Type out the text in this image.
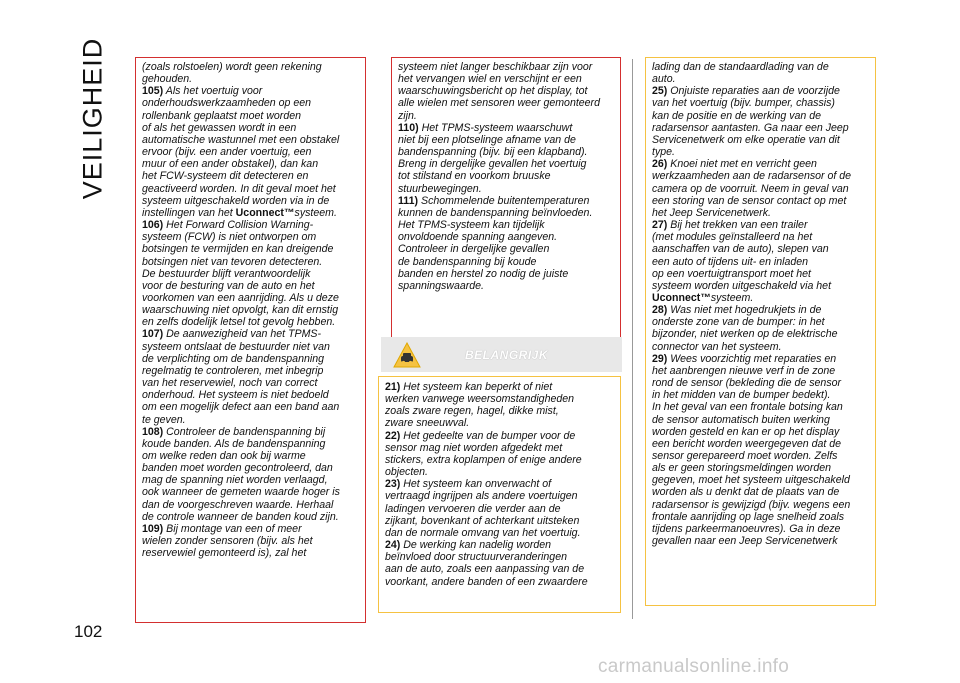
VEILIGHEID
102

(zoals rolstoelen) wordt geen rekening
gehouden.

105) Als het voertuig voor
onderhoudswerkzaamheden op een
rollenbank geplaatst moet worden
of als het gewassen wordt in een
automatische wastunnel met een obstakel
ervoor (bijv. een ander voertuig, een
muur of een ander obstakel), dan kan
het FCW-systeem dit detecteren en
geactiveerd worden. In dit geval moet het
systeem uitgeschakeld worden via in de
instellingen van het Uconnect™systeem.

106) Het Forward Collision Warning-
systeem (FCW) is niet ontworpen om
botsingen te vermijden en kan dreigende
botsingen niet van tevoren detecteren.
De bestuurder blijft verantwoordelijk
voor de besturing van de auto en het
voorkomen van een aanrijding. Als u deze
waarschuwing niet opvolgt, kan dit ernstig
en zelfs dodelijk letsel tot gevolg hebben.

107) De aanwezigheid van het TPMS-
systeem ontslaat de bestuurder niet van
de verplichting om de bandenspanning
regelmatig te controleren, met inbegrip
van het reservewiel, noch van correct
onderhoud. Het systeem is niet bedoeld
om een mogelijk defect aan een band aan
te geven.

108) Controleer de bandenspanning bij
koude banden. Als de bandenspanning
om welke reden dan ook bij warme
banden moet worden gecontroleerd, dan
mag de spanning niet worden verlaagd,
ook wanneer de gemeten waarde hoger is
dan de voorgeschreven waarde. Herhaal
de controle wanneer de banden koud zijn.

109) Bij montage van een of meer
wielen zonder sensoren (bijv. als het
reservewiel gemonteerd is), zal het

systeem niet langer beschikbaar zijn voor
het vervangen wiel en verschijnt er een
waarschuwingsbericht op het display, tot
alle wielen met sensoren weer gemonteerd
zijn.

110) Het TPMS-systeem waarschuwt
niet bij een plotselinge afname van de
bandenspanning (bijv. bij een klapband).
Breng in dergelijke gevallen het voertuig
tot stilstand en voorkom bruuske
stuurbewegingen.

111) Schommelende buitentemperaturen
kunnen de bandenspanning beïnvloeden.
Het TPMS-systeem kan tijdelijk
onvoldoende spanning aangeven.
Controleer in dergelijke gevallen
de bandenspanning bij koude
banden en herstel zo nodig de juiste
spanningswaarde.

BELANGRIJK

21) Het systeem kan beperkt of niet
werken vanwege weersomstandigheden
zoals zware regen, hagel, dikke mist,
zware sneeuwval.

22) Het gedeelte van de bumper voor de
sensor mag niet worden afgedekt met
stickers, extra koplampen of enige andere
objecten.

23) Het systeem kan onverwacht of
vertraagd ingrijpen als andere voertuigen
ladingen vervoeren die verder aan de
zijkant, bovenkant of achterkant uitsteken
dan de normale omvang van het voertuig.

24) De werking kan nadelig worden
beïnvloed door structuurveranderingen
aan de auto, zoals een aanpassing van de
voorkant, andere banden of een zwaardere

lading dan de standaardlading van de
auto.

25) Onjuiste reparaties aan de voorzijde
van het voertuig (bijv. bumper, chassis)
kan de positie en de werking van de
radarsensor aantasten. Ga naar een Jeep
Servicenetwerk om elke operatie van dit
type.

26) Knoei niet met en verricht geen
werkzaamheden aan de radarsensor of de
camera op de voorruit. Neem in geval van
een storing van de sensor contact op met
het Jeep Servicenetwerk.

27) Bij het trekken van een trailer
(met modules geïnstalleerd na het
aanschaffen van de auto), slepen van
een auto of tijdens uit- en inladen
op een voertuigtransport moet het
systeem worden uitgeschakeld via het
Uconnect™systeem.

28) Was niet met hogedrukjets in de
onderste zone van de bumper: in het
bijzonder, niet werken op de elektrische
connector van het systeem.

29) Wees voorzichtig met reparaties en
het aanbrengen nieuwe verf in de zone
rond de sensor (bekleding die de sensor
in het midden van de bumper bedekt).
In het geval van een frontale botsing kan
de sensor automatisch buiten werking
worden gesteld en kan er op het display
een bericht worden weergegeven dat de
sensor gerepareerd moet worden. Zelfs
als er geen storingsmeldingen worden
gegeven, moet het systeem uitgeschakeld
worden als u denkt dat de plaats van de
radarsensor is gewijzigd (bijv. wegens een
frontale aanrijding op lage snelheid zoals
tijdens parkeermanoeuvres). Ga in deze
gevallen naar een Jeep Servicenetwerk

carmanualsonline.info
